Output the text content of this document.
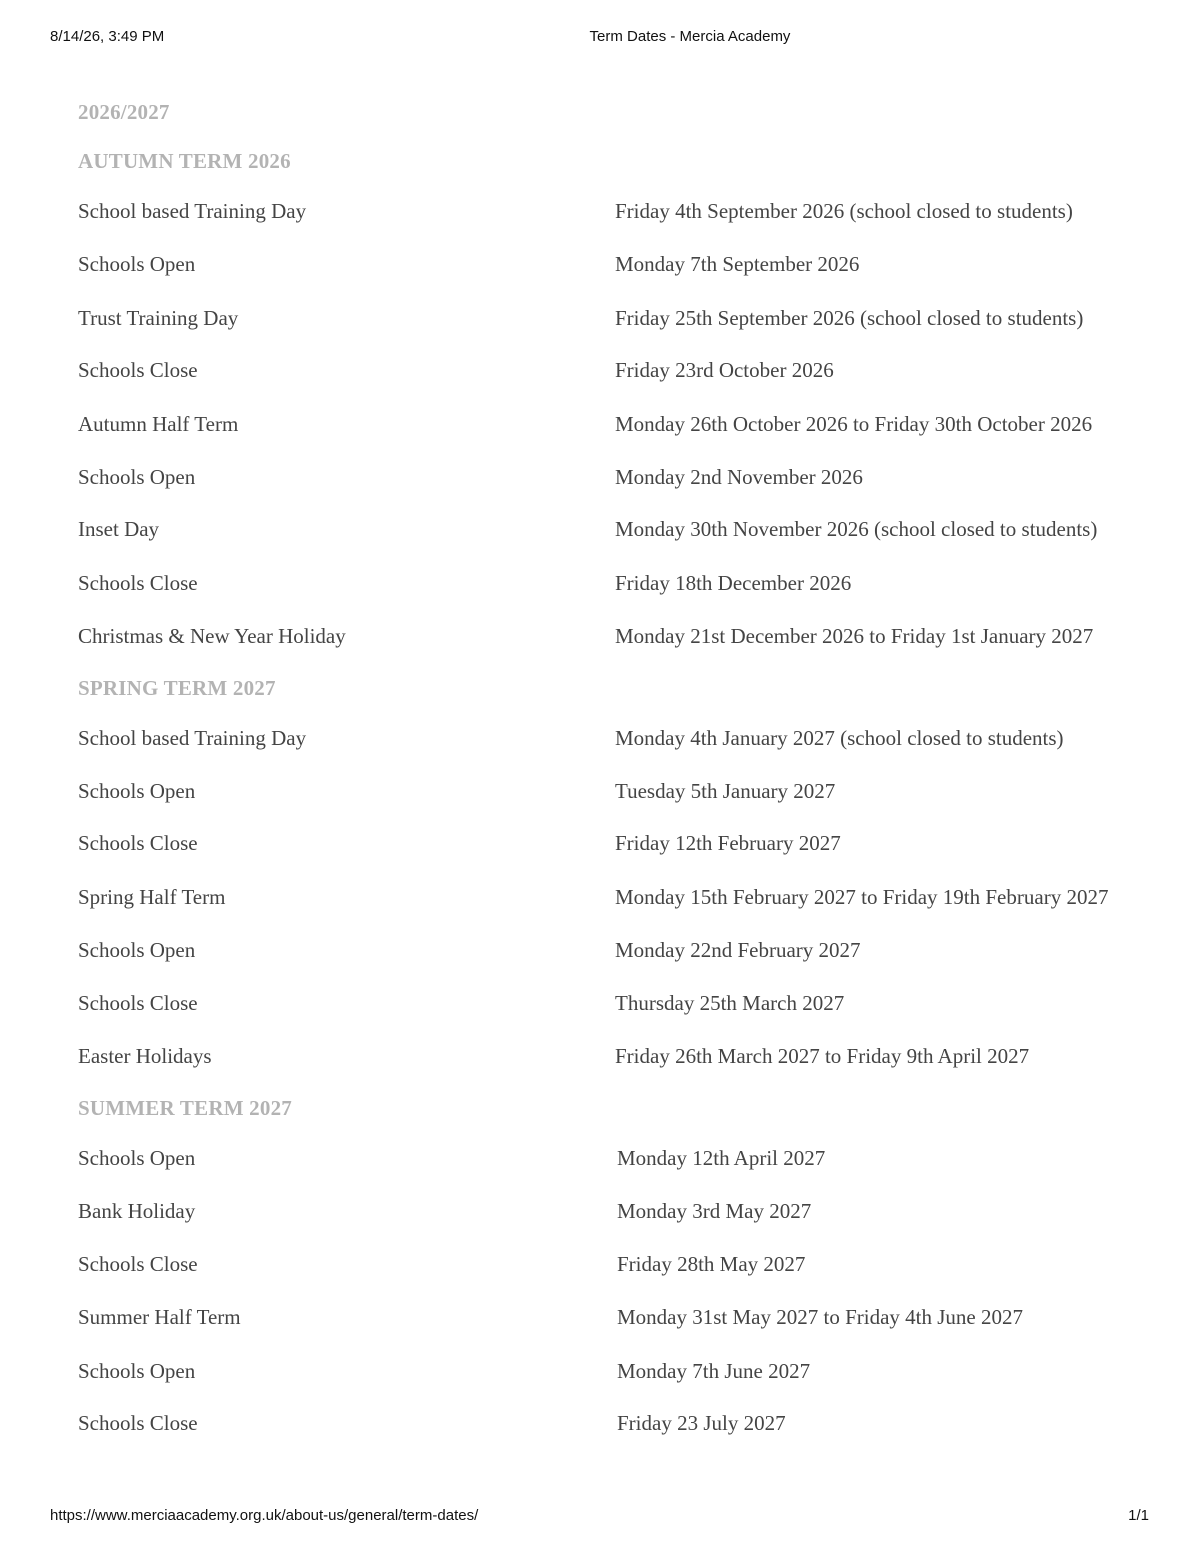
8/14/26, 3:49 PM	Term Dates - Mercia Academy
2026/2027
AUTUMN TERM 2026
School based Training Day	Friday 4th September 2026 (school closed to students)
Schools Open	Monday 7th September 2026
Trust Training Day	Friday 25th September 2026 (school closed to students)
Schools Close	Friday 23rd October 2026
Autumn Half Term	Monday 26th October 2026 to Friday 30th October 2026
Schools Open	Monday 2nd November 2026
Inset Day	Monday 30th November 2026 (school closed to students)
Schools Close	Friday 18th December 2026
Christmas & New Year Holiday	Monday 21st December 2026 to Friday 1st January 2027
SPRING TERM 2027
School based Training Day	Monday 4th January 2027 (school closed to students)
Schools Open	Tuesday 5th January 2027
Schools Close	Friday 12th February 2027
Spring Half Term	Monday 15th February 2027 to Friday 19th February 2027
Schools Open	Monday 22nd February 2027
Schools Close	Thursday 25th March 2027
Easter Holidays	Friday 26th March 2027 to Friday 9th April 2027
SUMMER TERM 2027
Schools Open	Monday 12th April 2027
Bank Holiday	Monday 3rd May 2027
Schools Close	Friday 28th May 2027
Summer Half Term	Monday 31st May 2027 to Friday 4th June 2027
Schools Open	Monday 7th June 2027
Schools Close	Friday 23 July 2027
https://www.merciaacademy.org.uk/about-us/general/term-dates/	1/1
